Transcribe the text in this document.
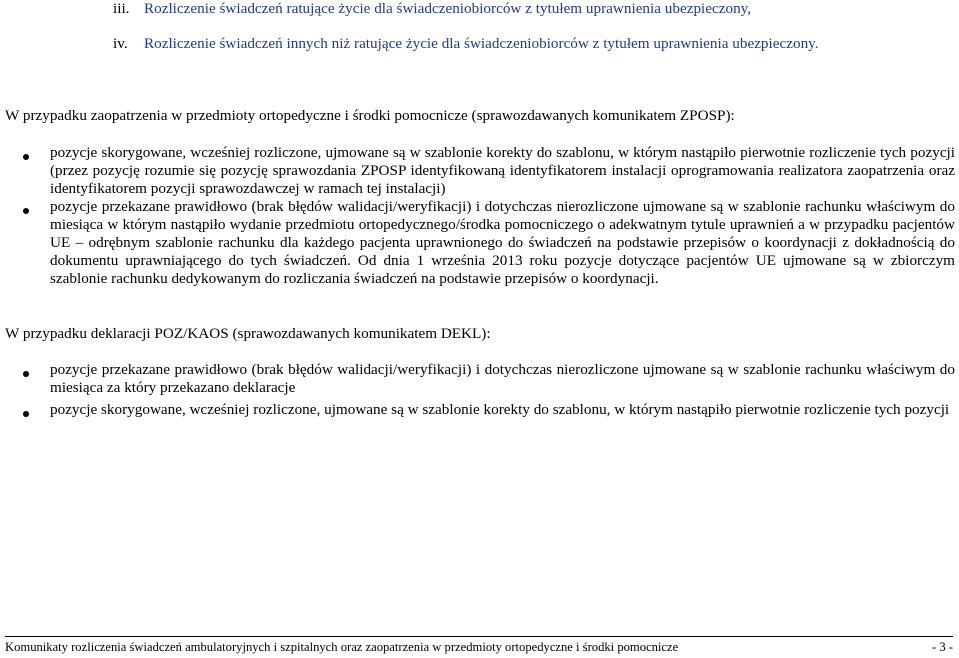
iii. Rozliczenie świadczeń ratujące życie dla świadczeniobiorców z tytułem uprawnienia ubezpieczony,
iv. Rozliczenie świadczeń innych niż ratujące życie dla świadczeniobiorców z tytułem uprawnienia ubezpieczony.
W przypadku zaopatrzenia w przedmioty ortopedyczne i środki pomocnicze (sprawozdawanych komunikatem ZPOSP):
pozycje skorygowane, wcześniej rozliczone, ujmowane są w szablonie korekty do szablonu, w którym nastąpiło pierwotnie rozliczenie tych pozycji (przez pozycję rozumie się pozycję sprawozdania ZPOSP identyfikowaną identyfikatorem instalacji oprogramowania realizatora zaopatrzenia oraz identyfikatorem pozycji sprawozdawczej w ramach tej instalacji)
pozycje przekazane prawidłowo (brak błędów walidacji/weryfikacji) i dotychczas nierozliczone ujmowane są w szablonie rachunku właściwym do miesiąca w którym nastąpiło wydanie przedmiotu ortopedycznego/środka pomocniczego o adekwatnym tytule uprawnień a w przypadku pacjentów UE – odrębnym szablonie rachunku dla każdego pacjenta uprawnionego do świadczeń na podstawie przepisów o koordynacji z dokładnością do dokumentu uprawniającego do tych świadczeń. Od dnia 1 września 2013 roku pozycje dotyczące pacjentów UE ujmowane są w zbiorczym szablonie rachunku dedykowanym do rozliczania świadczeń na podstawie przepisów o koordynacji.
W przypadku deklaracji POZ/KAOS (sprawozdawanych komunikatem DEKL):
pozycje przekazane prawidłowo (brak błędów walidacji/weryfikacji) i dotychczas nierozliczone ujmowane są w szablonie rachunku właściwym do miesiąca za który przekazano deklaracje
pozycje skorygowane, wcześniej rozliczone, ujmowane są w szablonie korekty do szablonu, w którym nastąpiło pierwotnie rozliczenie tych pozycji
Komunikaty rozliczenia świadczeń ambulatoryjnych i szpitalnych oraz zaopatrzenia w przedmioty ortopedyczne i środki pomocnicze	- 3 -
